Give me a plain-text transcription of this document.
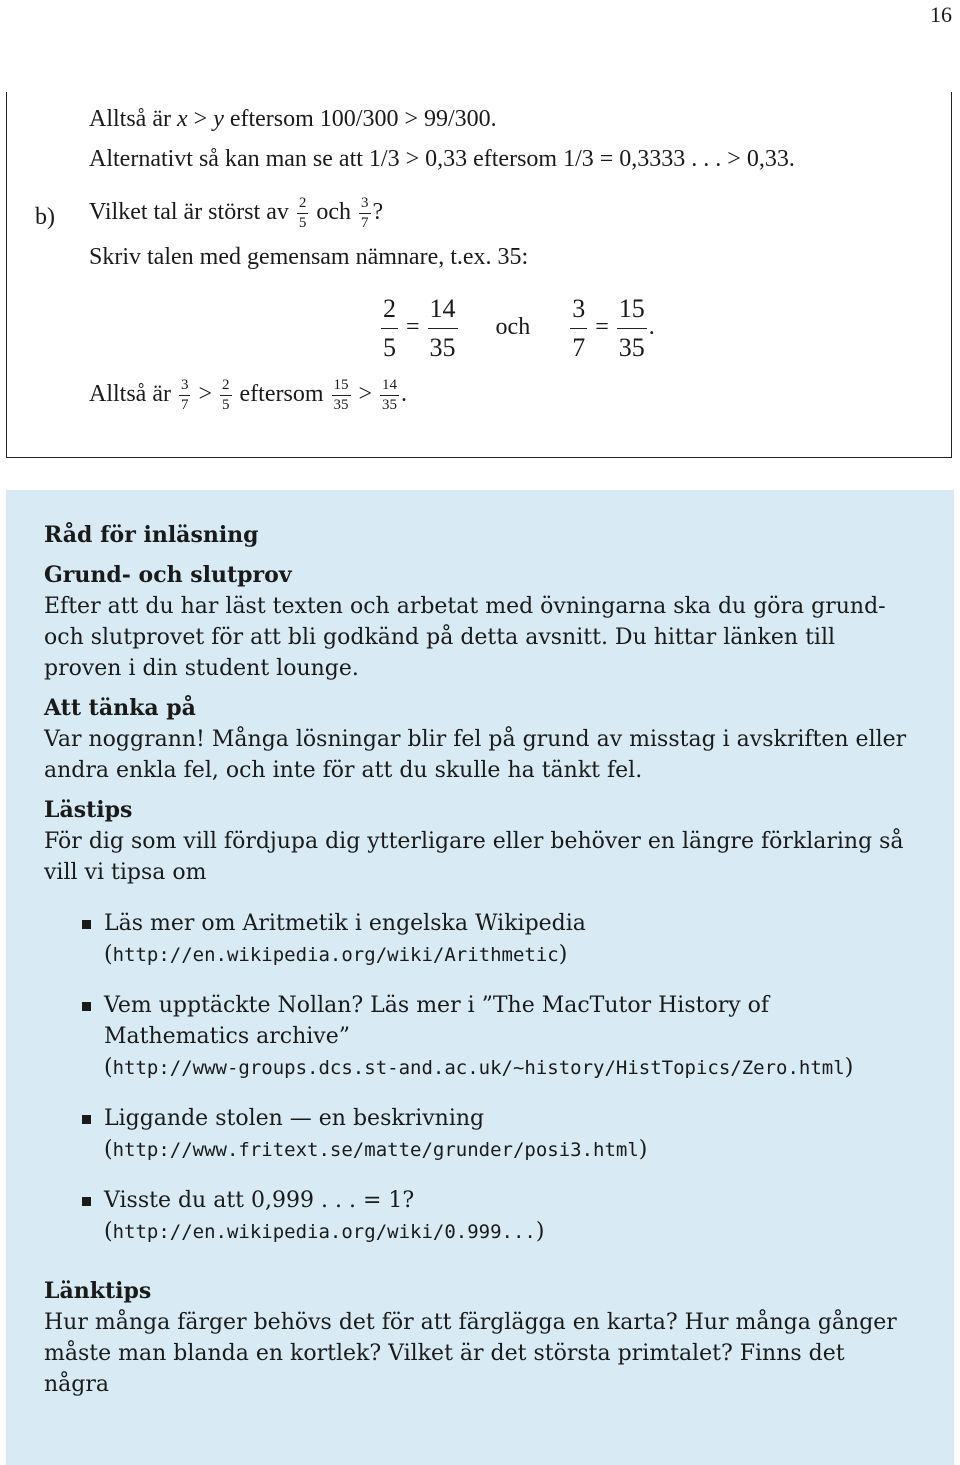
16
Alltså är x > y eftersom 100/300 > 99/300.
Alternativt så kan man se att 1/3 > 0,33 eftersom 1/3 = 0,3333 . . . > 0,33.
b) Vilket tal är störst av $\frac{2}{5}$ och $\frac{3}{7}$ ?
Skriv talen med gemensam nämnare, t.ex. 35:
$\frac{2}{5} = \frac{14}{35}$ och $\frac{3}{7} = \frac{15}{35}$ .
Alltså är $\frac{3}{7} > \frac{2}{5}$ eftersom $\frac{15}{35} > \frac{14}{35}$ .
Råd för inläsning
Grund- och slutprov

Efter att du har läst texten och arbetat med övningarna ska du göra grund- och slutprovet för att bli godkänd på detta avsnitt. Du hittar länken till proven i din student lounge.

Att tänka på

Var noggrann! Många lösningar blir fel på grund av misstag i avskriften eller andra enkla fel, och inte för att du skulle ha tänkt fel.

Lästips

För dig som vill fördjupa dig ytterligare eller behöver en längre förklaring så vill vi tipsa om

Läs mer om Aritmetik i engelska Wikipedia
(http://en.wikipedia.org/wiki/Arithmetic)
Vem upptäckte Nollan? Läs mer i ”The MacTutor History of Mathematics archive”
(http://www-groups.dcs.st-and.ac.uk/~history/HistTopics/Zero.html)
Liggande stolen — en beskrivning
(http://www.fritext.se/matte/grunder/posi3.html)
Visste du att 0,999 . . . = 1?
(http://en.wikipedia.org/wiki/0.999...)
Länktips

Hur många färger behövs det för att färglägga en karta? Hur många gånger måste man blanda en kortlek? Vilket är det största primtalet? Finns det några
